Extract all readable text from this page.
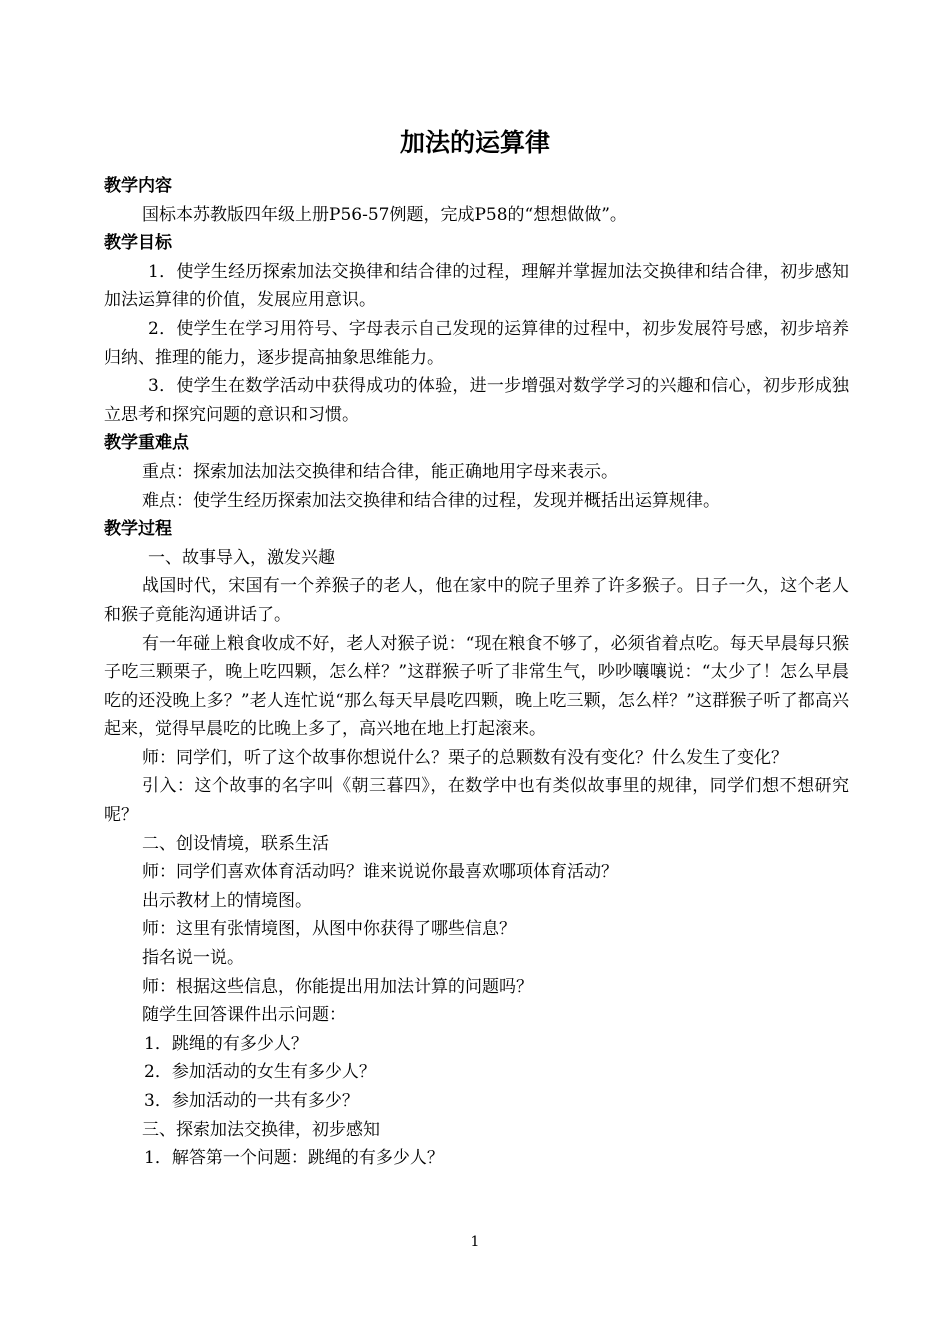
加法的运算律
教学内容

国标本苏教版四年级上册P56-57例题，完成P58的“想想做做”。

教学目标

1．使学生经历探索加法交换律和结合律的过程，理解并掌握加法交换律和结合律，初步感知加法运算律的价值，发展应用意识。

2．使学生在学习用符号、字母表示自己发现的运算律的过程中，初步发展符号感，初步培养归纳、推理的能力，逐步提高抽象思维能力。

3．使学生在数学活动中获得成功的体验，进一步增强对数学学习的兴趣和信心，初步形成独立思考和探究问题的意识和习惯。

教学重难点

重点：探索加法加法交换律和结合律，能正确地用字母来表示。

难点：使学生经历探索加法交换律和结合律的过程，发现并概括出运算规律。

教学过程

一、故事导入，激发兴趣

战国时代，宋国有一个养猴子的老人，他在家中的院子里养了许多猴子。日子一久，这个老人和猴子竟能沟通讲话了。

有一年碰上粮食收成不好，老人对猴子说：“现在粮食不够了，必须省着点吃。每天早晨每只猴子吃三颗栗子，晚上吃四颗，怎么样？”这群猴子听了非常生气，吵吵嚷嚷说：“太少了！怎么早晨吃的还没晚上多？”老人连忙说“那么每天早晨吃四颗，晚上吃三颗，怎么样？”这群猴子听了都高兴起来，觉得早晨吃的比晚上多了，高兴地在地上打起滚来。

师：同学们，听了这个故事你想说什么？栗子的总颗数有没有变化？什么发生了变化？

引入：这个故事的名字叫《朝三暮四》，在数学中也有类似故事里的规律，同学们想不想研究呢？

二、创设情境，联系生活

师：同学们喜欢体育活动吗？谁来说说你最喜欢哪项体育活动？

出示教材上的情境图。

师：这里有张情境图，从图中你获得了哪些信息？

指名说一说。

师：根据这些信息，你能提出用加法计算的问题吗？

随学生回答课件出示问题：

1．跳绳的有多少人？

2．参加活动的女生有多少人？

3．参加活动的一共有多少？

三、探索加法交换律，初步感知

1．解答第一个问题：跳绳的有多少人？

1
